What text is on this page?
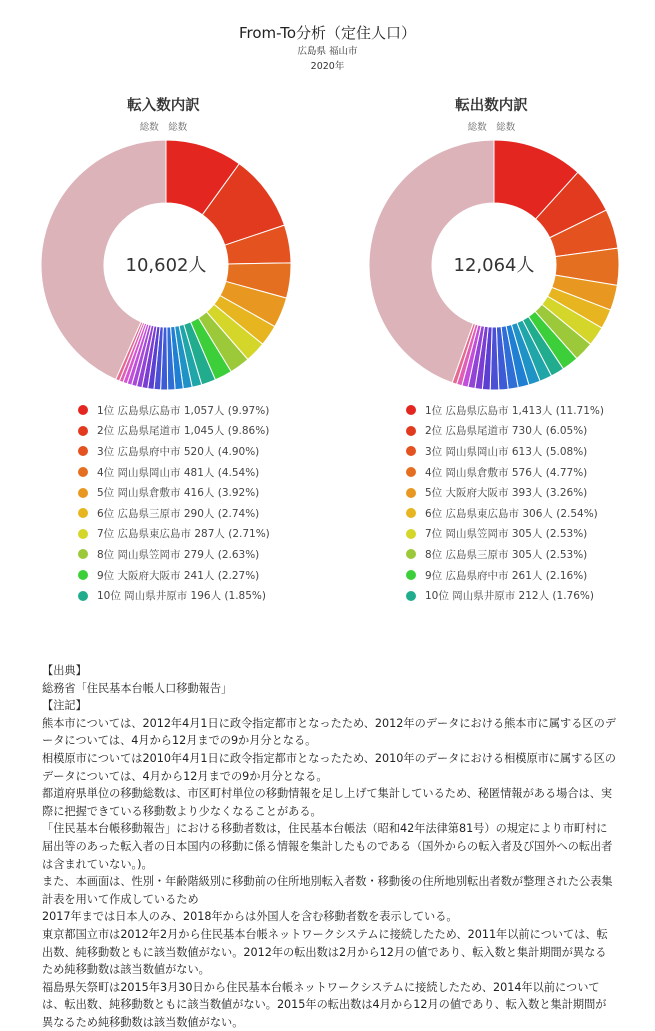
From-To分析（定住人口）
広島県 福山市
2020年
転入数内訳
総数　総数
10,602人
1位 広島県広島市 1,057人 (9.97%)
2位 広島県尾道市 1,045人 (9.86%)
3位 広島県府中市 520人 (4.90%)
4位 岡山県岡山市 481人 (4.54%)
5位 岡山県倉敷市 416人 (3.92%)
6位 広島県三原市 290人 (2.74%)
7位 広島県東広島市 287人 (2.71%)
8位 岡山県笠岡市 279人 (2.63%)
9位 大阪府大阪市 241人 (2.27%)
10位 岡山県井原市 196人 (1.85%)
転出数内訳
総数　総数
12,064人
1位 広島県広島市 1,413人 (11.71%)
2位 広島県尾道市 730人 (6.05%)
3位 岡山県岡山市 613人 (5.08%)
4位 岡山県倉敷市 576人 (4.77%)
5位 大阪府大阪市 393人 (3.26%)
6位 広島県東広島市 306人 (2.54%)
7位 岡山県笠岡市 305人 (2.53%)
8位 広島県三原市 305人 (2.53%)
9位 広島県府中市 261人 (2.16%)
10位 岡山県井原市 212人 (1.76%)

【出典】

総務省「住民基本台帳人口移動報告」

【注記】

熊本市については、2012年4月1日に政令指定都市となったため、2012年のデータにおける熊本市に属する区のデータについては、4月から12月までの9か月分となる。

相模原市については2010年4月1日に政令指定都市となったため、2010年のデータにおける相模原市に属する区のデータについては、4月から12月までの9か月分となる。

都道府県単位の移動総数は、市区町村単位の移動情報を足し上げて集計しているため、秘匿情報がある場合は、実際に把握できている移動数より少なくなることがある。

「住民基本台帳移動報告」における移動者数は，住民基本台帳法（昭和42年法律第81号）の規定により市町村に届出等のあった転入者の日本国内の移動に係る情報を集計したものである（国外からの転入者及び国外への転出者は含まれていない。)。

また、本画面は、性別・年齢階級別に移動前の住所地別転入者数・移動後の住所地別転出者数が整理された公表集計表を用いて作成しているため

2017年までは日本人のみ、2018年からは外国人を含む移動者数を表示している。

東京都国立市は2012年2月から住民基本台帳ネットワークシステムに接続したため、2011年以前については、転出数、純移動数ともに該当数値がない。2012年の転出数は2月から12月の値であり、転入数と集計期間が異なるため純移動数は該当数値がない。

福島県矢祭町は2015年3月30日から住民基本台帳ネットワークシステムに接続したため、2014年以前については、転出数、純移動数ともに該当数値がない。2015年の転出数は4月から12月の値であり、転入数と集計期間が異なるため純移動数は該当数値がない。
